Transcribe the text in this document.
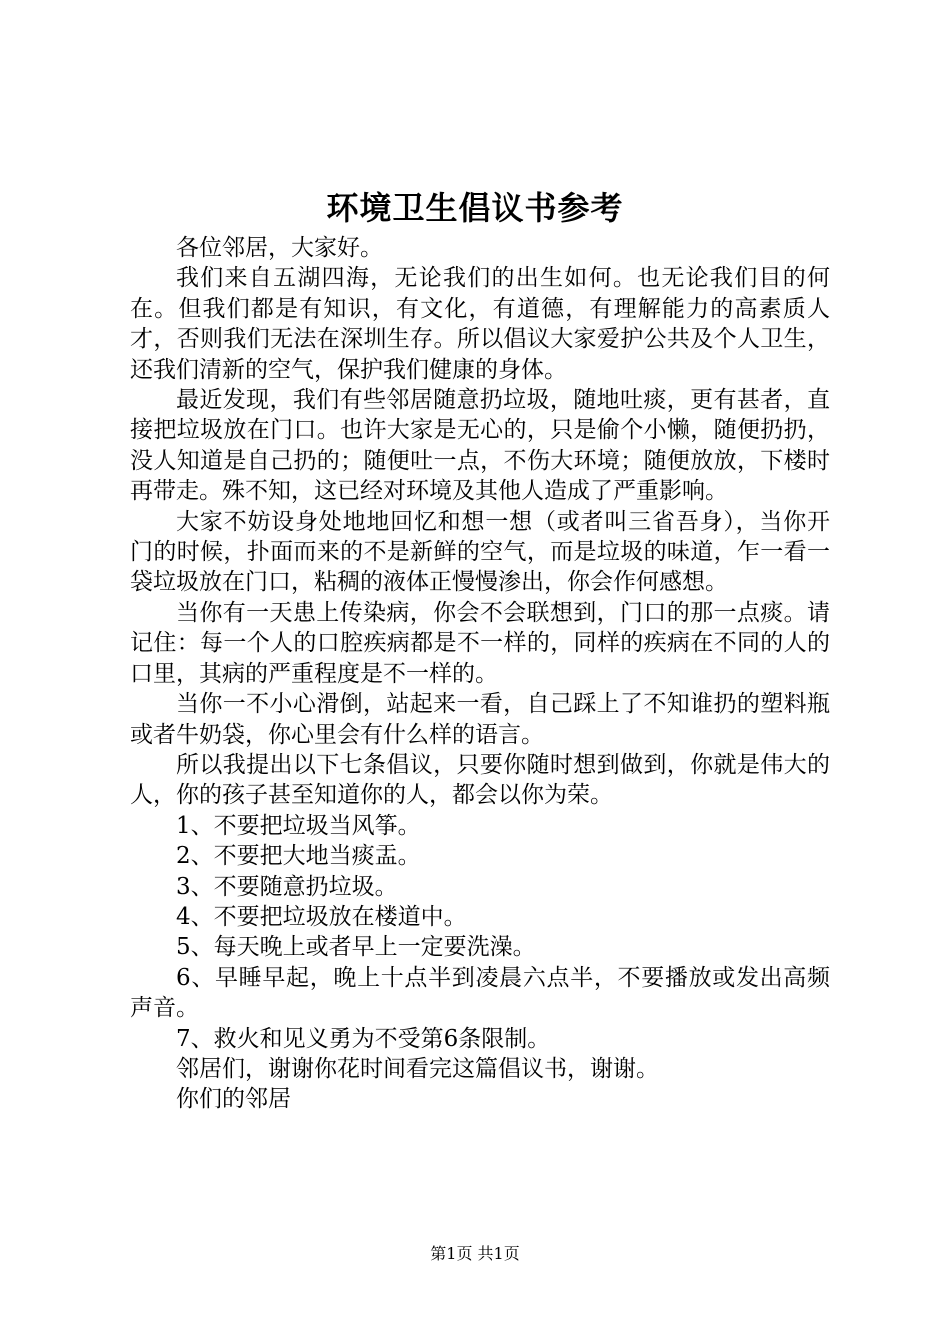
环境卫生倡议书参考

各位邻居，大家好。

我们来自五湖四海，无论我们的出生如何。也无论我们目的何在。但我们都是有知识，有文化，有道德，有理解能力的高素质人才，否则我们无法在深圳生存。所以倡议大家爱护公共及个人卫生，还我们清新的空气，保护我们健康的身体。

最近发现，我们有些邻居随意扔垃圾，随地吐痰，更有甚者，直接把垃圾放在门口。也许大家是无心的，只是偷个小懒，随便扔扔，没人知道是自己扔的；随便吐一点，不伤大环境；随便放放，下楼时再带走。殊不知，这已经对环境及其他人造成了严重影响。

大家不妨设身处地地回忆和想一想（或者叫三省吾身），当你开门的时候，扑面而来的不是新鲜的空气，而是垃圾的味道，乍一看一袋垃圾放在门口，粘稠的液体正慢慢渗出，你会作何感想。

当你有一天患上传染病，你会不会联想到，门口的那一点痰。请记住：每一个人的口腔疾病都是不一样的，同样的疾病在不同的人的口里，其病的严重程度是不一样的。

当你一不小心滑倒，站起来一看，自己踩上了不知谁扔的塑料瓶或者牛奶袋，你心里会有什么样的语言。

所以我提出以下七条倡议，只要你随时想到做到，你就是伟大的人，你的孩子甚至知道你的人，都会以你为荣。

1、不要把垃圾当风筝。

2、不要把大地当痰盂。

3、不要随意扔垃圾。

4、不要把垃圾放在楼道中。

5、每天晚上或者早上一定要洗澡。

6、早睡早起，晚上十点半到凌晨六点半，不要播放或发出高频声音。

7、救火和见义勇为不受第6条限制。

邻居们，谢谢你花时间看完这篇倡议书，谢谢。

你们的邻居

第1页 共1页
